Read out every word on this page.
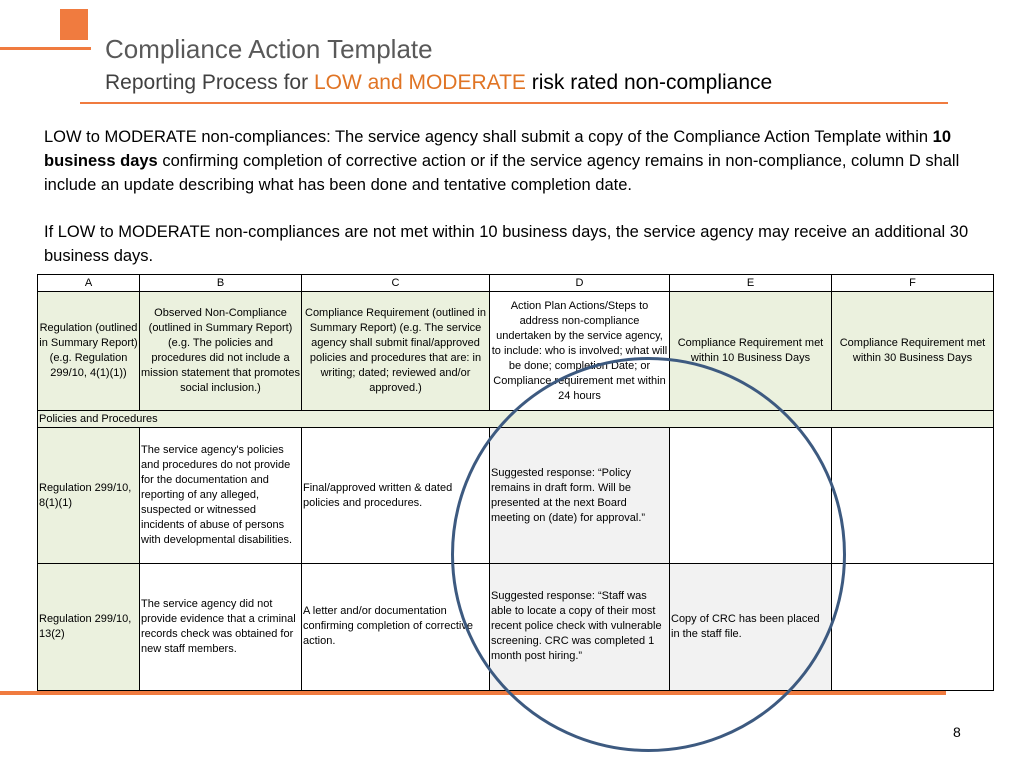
Compliance Action Template
Reporting Process for LOW and MODERATE risk rated non-compliance
LOW to MODERATE non-compliances: The service agency shall submit a copy of the Compliance Action Template within 10 business days confirming completion of corrective action or if the service agency remains in non-compliance, column D shall include an update describing what has been done and tentative completion date.
If LOW to MODERATE non-compliances are not met within 10 business days, the service agency may receive an additional 30 business days.
A	B	C	D	E	F
Regulation (outlined in Summary Report) (e.g. Regulation 299/10, 4(1)(1))	Observed Non-Compliance (outlined in Summary Report) (e.g. The policies and procedures did not include a mission statement that promotes social inclusion.)	Compliance Requirement (outlined in Summary Report) (e.g. The service agency shall submit final/approved policies and procedures that are: in writing; dated; reviewed and/or approved.)	Action Plan Actions/Steps to address non-compliance undertaken by the service agency, to include: who is involved; what will be done; completion Date; or Compliance requirement met within 24 hours	Compliance Requirement met within 10 Business Days	Compliance Requirement met within 30 Business Days
Policies and Procedures					
Regulation 299/10, 8(1)(1)	The service agency's policies and procedures do not provide for the documentation and reporting of any alleged, suspected or witnessed incidents of abuse of persons with developmental disabilities.	Final/approved written & dated policies and procedures.	Suggested response: “Policy remains in draft form. Will be presented at the next Board meeting on (date) for approval.”		
Regulation 299/10, 13(2)	The service agency did not provide evidence that a criminal records check was obtained for new staff members.	A letter and/or documentation confirming completion of corrective action.	Suggested response: “Staff was able to locate a copy of their most recent police check with vulnerable screening. CRC was completed 1 month post hiring.”	Copy of CRC has been placed in the staff file.	
8
